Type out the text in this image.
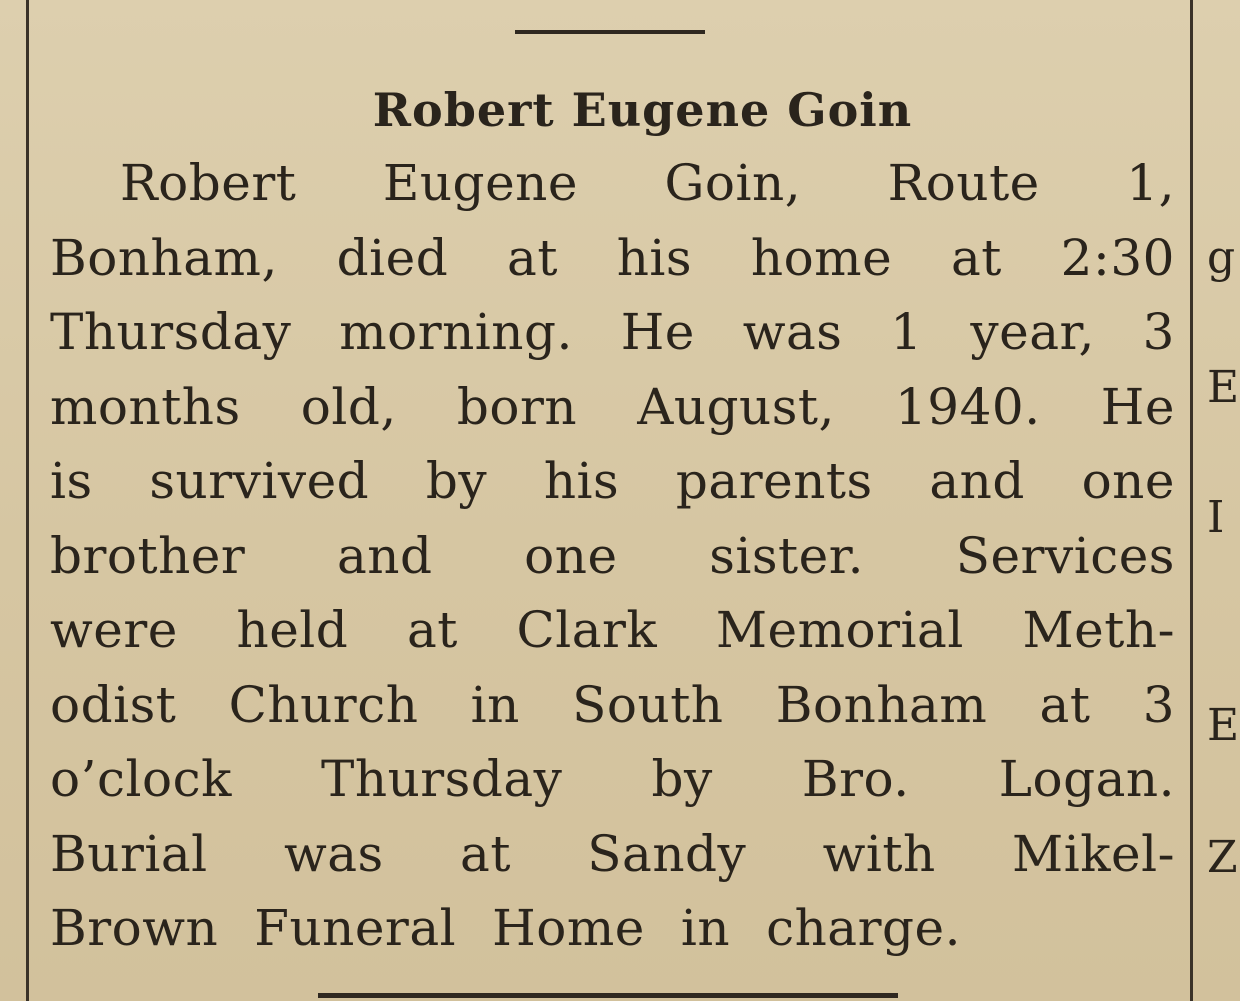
Robert Eugene Goin
Robert Eugene Goin, Route 1,
Bonham, died at his home at 2:30
Thursday morning. He was 1 year, 3
months old, born August, 1940. He
is survived by his parents and one
brother and one sister. Services
were held at Clark Memorial Meth-
odist Church in South Bonham at 3
o’clock Thursday by Bro. Logan.
Burial was at Sandy with Mikel-
Brown Funeral Home in charge.
g
E
I
E
Z
